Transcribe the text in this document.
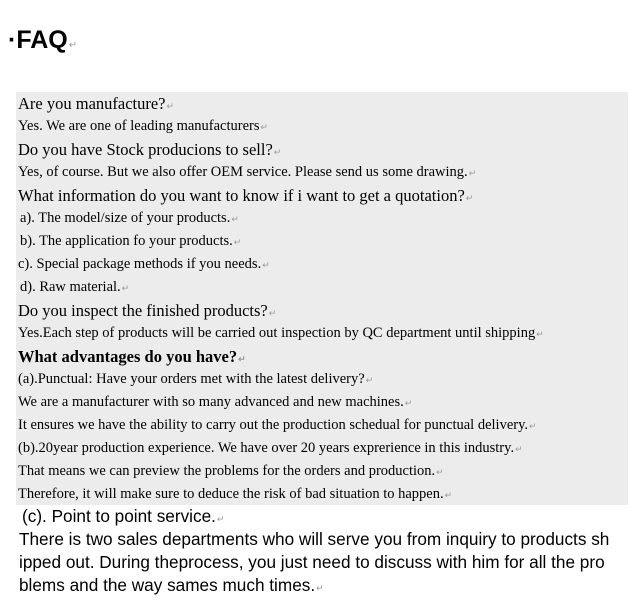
·FAQ↵
Are you manufacture?↵
Yes. We are one of leading manufacturers↵
Do you have Stock producions to sell?↵
Yes, of course. But we also offer OEM service. Please send us some drawing.↵
What information do you want to know if i want to get a quotation?↵
a). The model/size of your products.↵
b). The application fo your products.↵
c). Special package methods if you needs.↵
d). Raw material.↵
Do you inspect the finished products?↵
Yes.Each step of products will be carried out inspection by QC department until shipping↵
What advantages do you have?↵
(a).Punctual: Have your orders met with the latest delivery?↵
We are a manufacturer with so many advanced and new machines.↵
It ensures we have the ability to carry out the production schedual for punctual delivery.↵
(b).20year production experience. We have over 20 years exprerience in this industry.↵
That means we can preview the problems for the orders and production.↵
Therefore, it will make sure to deduce the risk of bad situation to happen.↵
(c). Point to point service.↵
There is two sales departments who will serve you from inquiry to products sh
ipped out. During theprocess, you just need to discuss with him for all the pro
blems and the way sames much times.↵
